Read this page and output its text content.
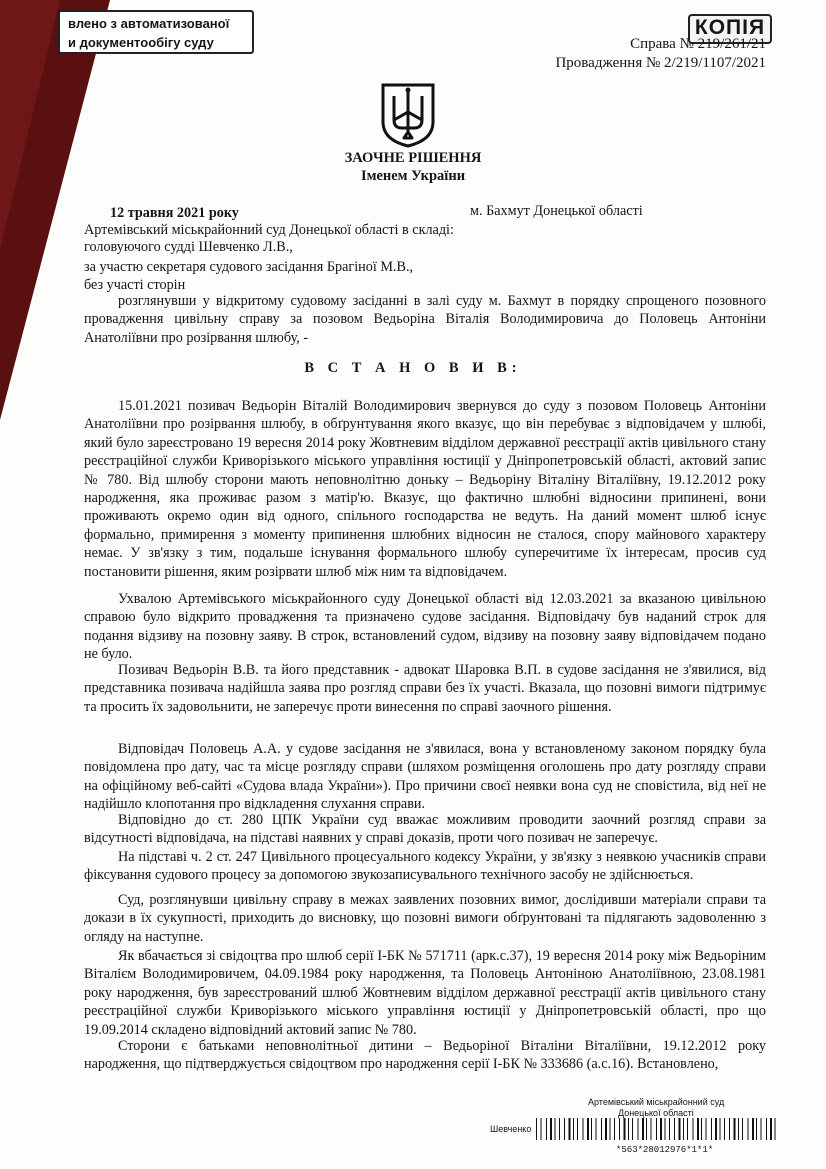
влено з автоматизованої
и документообігу суду
КОПІЯ
Справа № 219/261/21
Провадження № 2/219/1107/2021
ЗАОЧНЕ РІШЕННЯ
Іменем України
12 травня 2021 року	м. Бахмут Донецької області
Артемівський міськрайонний суд Донецької області в складі:
головуючого судді Шевченко Л.В.,
за участю секретаря судового засідання Брагіної М.В.,
без участі сторін

розглянувши у відкритому судовому засіданні в залі суду м. Бахмут в порядку спрощеного позовного провадження цивільну справу за позовом Ведьоріна Віталія Володимировича до Половець Антоніни Анатоліївни про розірвання шлюбу, -

В С Т А Н О В И В:

15.01.2021 позивач Ведьорін Віталій Володимирович звернувся до суду з позовом Половець Антоніни Анатоліївни про розірвання шлюбу, в обґрунтування якого вказує, що він перебуває з відповідачем у шлюбі, який було зареєстровано 19 вересня 2014 року Жовтневим відділом державної реєстрації актів цивільного стану реєстраційної служби Криворізького міського управління юстиції у Дніпропетровській області, актовий запис № 780. Від шлюбу сторони мають неповнолітню доньку – Ведьоріну Віталіну Віталіївну, 19.12.2012 року народження, яка проживає разом з матір'ю. Вказує, що фактично шлюбні відносини припинені, вони проживають окремо один від одного, спільного господарства не ведуть. На даний момент шлюб існує формально, примирення з моменту припинення шлюбних відносин не сталося, спору майнового характеру немає. У зв'язку з тим, подальше існування формального шлюбу суперечитиме їх інтересам, просив суд постановити рішення, яким розірвати шлюб між ним та відповідачем.

Ухвалою Артемівського міськрайонного суду Донецької області від 12.03.2021 за вказаною цивільною справою було відкрито провадження та призначено судове засідання. Відповідачу був наданий строк для подання відзиву на позовну заяву. В строк, встановлений судом, відзиву на позовну заяву відповідачем подано не було.

Позивач Ведьорін В.В. та його представник - адвокат Шаровка В.П. в судове засідання не з'явилися, від представника позивача надійшла заява про розгляд справи без їх участі. Вказала, що позовні вимоги підтримує та просить їх задовольнити, не заперечує проти винесення по справі заочного рішення.

Відповідач Половець А.А. у судове засідання не з'явилася, вона у встановленому законом порядку була повідомлена про дату, час та місце розгляду справи (шляхом розміщення оголошень про дату розгляду справи на офіційному веб-сайті «Судова влада України»). Про причини своєї неявки вона суд не сповістила, від неї не надійшло клопотання про відкладення слухання справи.

Відповідно до ст. 280 ЦПК України суд вважає можливим проводити заочний розгляд справи за відсутності відповідача, на підставі наявних у справі доказів, проти чого позивач не заперечує.

На підставі ч. 2 ст. 247 Цивільного процесуального кодексу України, у зв'язку з неявкою учасників справи фіксування судового процесу за допомогою звукозаписувального технічного засобу не здійснюється.

Суд, розглянувши цивільну справу в межах заявлених позовних вимог, дослідивши матеріали справи та докази в їх сукупності, приходить до висновку, що позовні вимоги обґрунтовані та підлягають задоволенню з огляду на наступне.

Як вбачається зі свідоцтва про шлюб серії І-БК № 571711 (арк.с.37), 19 вересня 2014 року між Ведьоріним Віталієм Володимировичем, 04.09.1984 року народження, та Половець Антоніною Анатоліївною, 23.08.1981 року народження, був зареєстрований шлюб Жовтневим відділом державної реєстрації актів цивільного стану реєстраційної служби Криворізького міського управління юстиції у Дніпропетровській області, про що 19.09.2014 складено відповідний актовий запис № 780.

Сторони є батьками неповнолітньої дитини – Ведьоріної Віталіни Віталіївни, 19.12.2012 року народження, що підтверджується свідоцтвом про народження серії І-БК № 333686 (а.с.16). Встановлено,

Артемівський міськрайонний суд
Донецької області
Шевченко
*563*28012976*1*1*
